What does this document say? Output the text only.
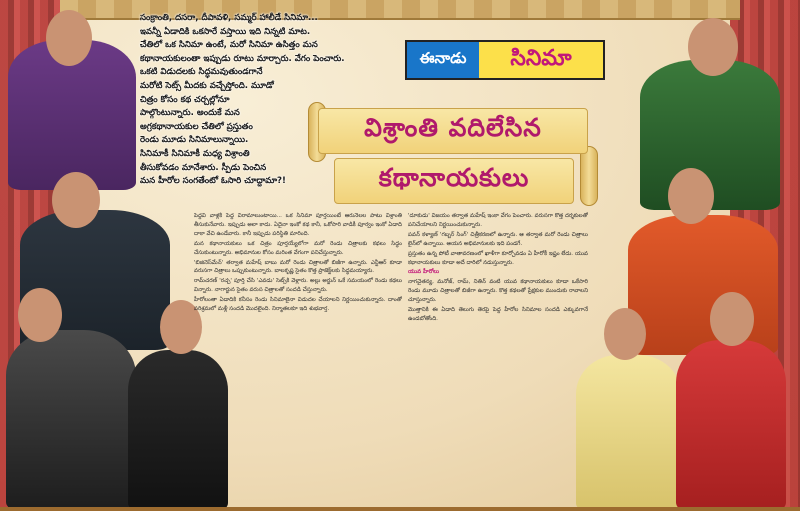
ఈనాడు	సినిమా

సంక్రాంతి, దసరా, దీపావళి, సమ్మర్ హాలీడే సినిమా...

ఇవన్నీ ఏడాదికి ఒకసారే వస్తాయి ఇది నిన్నటి మాట.

చేతిలో ఒక సినిమా ఉంటే, మరో సినిమా ఉసిత్తం మన

కథానాయకులంతా ఇప్పుడు రూటు మార్చారు. వేగం పెంచారు.

ఒకటి విడుదలకు సిద్ధమవుతుండగానే

మరోటి సెట్స్ మీదకు వచ్చేస్తోంది. మూడో

చిత్రం కోసం కథ చర్చల్లోనూ

పాల్గొంటున్నారు. అందుకే మన

అగ్రకథానాయకుల చేతిలో ప్రస్తుతం

రెండు మూడు సినిమాలున్నాయి.

సినిమాకీ సినిమాకీ మధ్య విశ్రాంతి

తీసుకోవడం మానేశారు. స్పీడు పెంచిన

మన హీరోల సంగతేంటో ఓసారి చూద్దామా?!

విశ్రాంతి వదిలేసిన
కథానాయకులు

పెద్దవి వాళ్లకి పెద్ద విరామాలుంటాయి... ఒక సినిమా పూర్తయింటే ఆరునెలల పాటు విశ్రాంతి తీసుకునేవారు. ఇప్పుడు అలా కాదు. ఏదైనా ఇంకో కథ కానీ, ఒకోసారి వాడికీ పూర్వం ఇంకో ఏడాది దాకా వేచి ఉండేవారు. కానీ ఇప్పుడు పరిస్థితి మారింది.

మన కథానాయకులు ఒక చిత్రం పూర్తయ్యేలోగా మరో రెండు చిత్రాలకు కథలు సిద్ధం చేసుకుంటున్నారు. అభిమానుల కోసం మరింత వేగంగా పనిచేస్తున్నారు.

'బిజినెస్‌మేన్' తర్వాత మహేష్ బాబు మరో రెండు చిత్రాలతో బిజీగా ఉన్నారు. ఎన్టీఆర్ కూడా వరుసగా చిత్రాలు ఒప్పుకుంటున్నారు. బాలకృష్ణ సైతం కొత్త ప్రాజెక్ట్‌లకు సిద్ధమయ్యారు.

రామ్‌చరణ్ 'రచ్చ' పూర్తి చేసి 'ఎవడు' సెట్స్‌కి వెళ్లారు. అల్లు అర్జున్ ఒకే సమయంలో రెండు కథలు విన్నారు. నాగార్జున సైతం వరుస చిత్రాలతో సందడి చేస్తున్నారు.

హీరోలంతా ఏడాదికి కనీసం రెండు సినిమాలైనా విడుదల చేయాలని నిర్ణయించుకున్నారు. దాంతో పరిశ్రమలో మళ్లీ సందడి మొదలైంది. నిర్మాతలకూ ఇది శుభవార్త.

'దూకుడు' విజయం తర్వాత మహేష్ ఇంకా వేగం పెంచారు. వరుసగా కొత్త దర్శకులతో పనిచేయాలని నిర్ణయించుకున్నారు.

పవన్ కళ్యాణ్ 'గబ్బర్ సింగ్' చిత్రీకరణలో ఉన్నారు. ఆ తర్వాత మరో రెండు చిత్రాలు లైన్‌లో ఉన్నాయి. ఆయన అభిమానులకు ఇది పండగే.

ప్రస్తుతం ఉన్న పోటీ వాతావరణంలో ఖాళీగా కూర్చోవడం ఏ హీరోకీ ఇష్టం లేదు. యువ కథానాయకులు కూడా అదే దారిలో నడుస్తున్నారు.

యువ హీరోలు

నాగచైతన్య, మనోజ్, రామ్, నితిన్ వంటి యువ కథానాయకులు కూడా ఒకేసారి రెండు మూడు చిత్రాలతో బిజీగా ఉన్నారు. కొత్త కథలతో ప్రేక్షకుల ముందుకు రావాలని చూస్తున్నారు.

మొత్తానికి ఈ ఏడాది తెలుగు తెరపై పెద్ద హీరోల సినిమాల సందడి ఎక్కువగానే ఉండబోతోంది.
